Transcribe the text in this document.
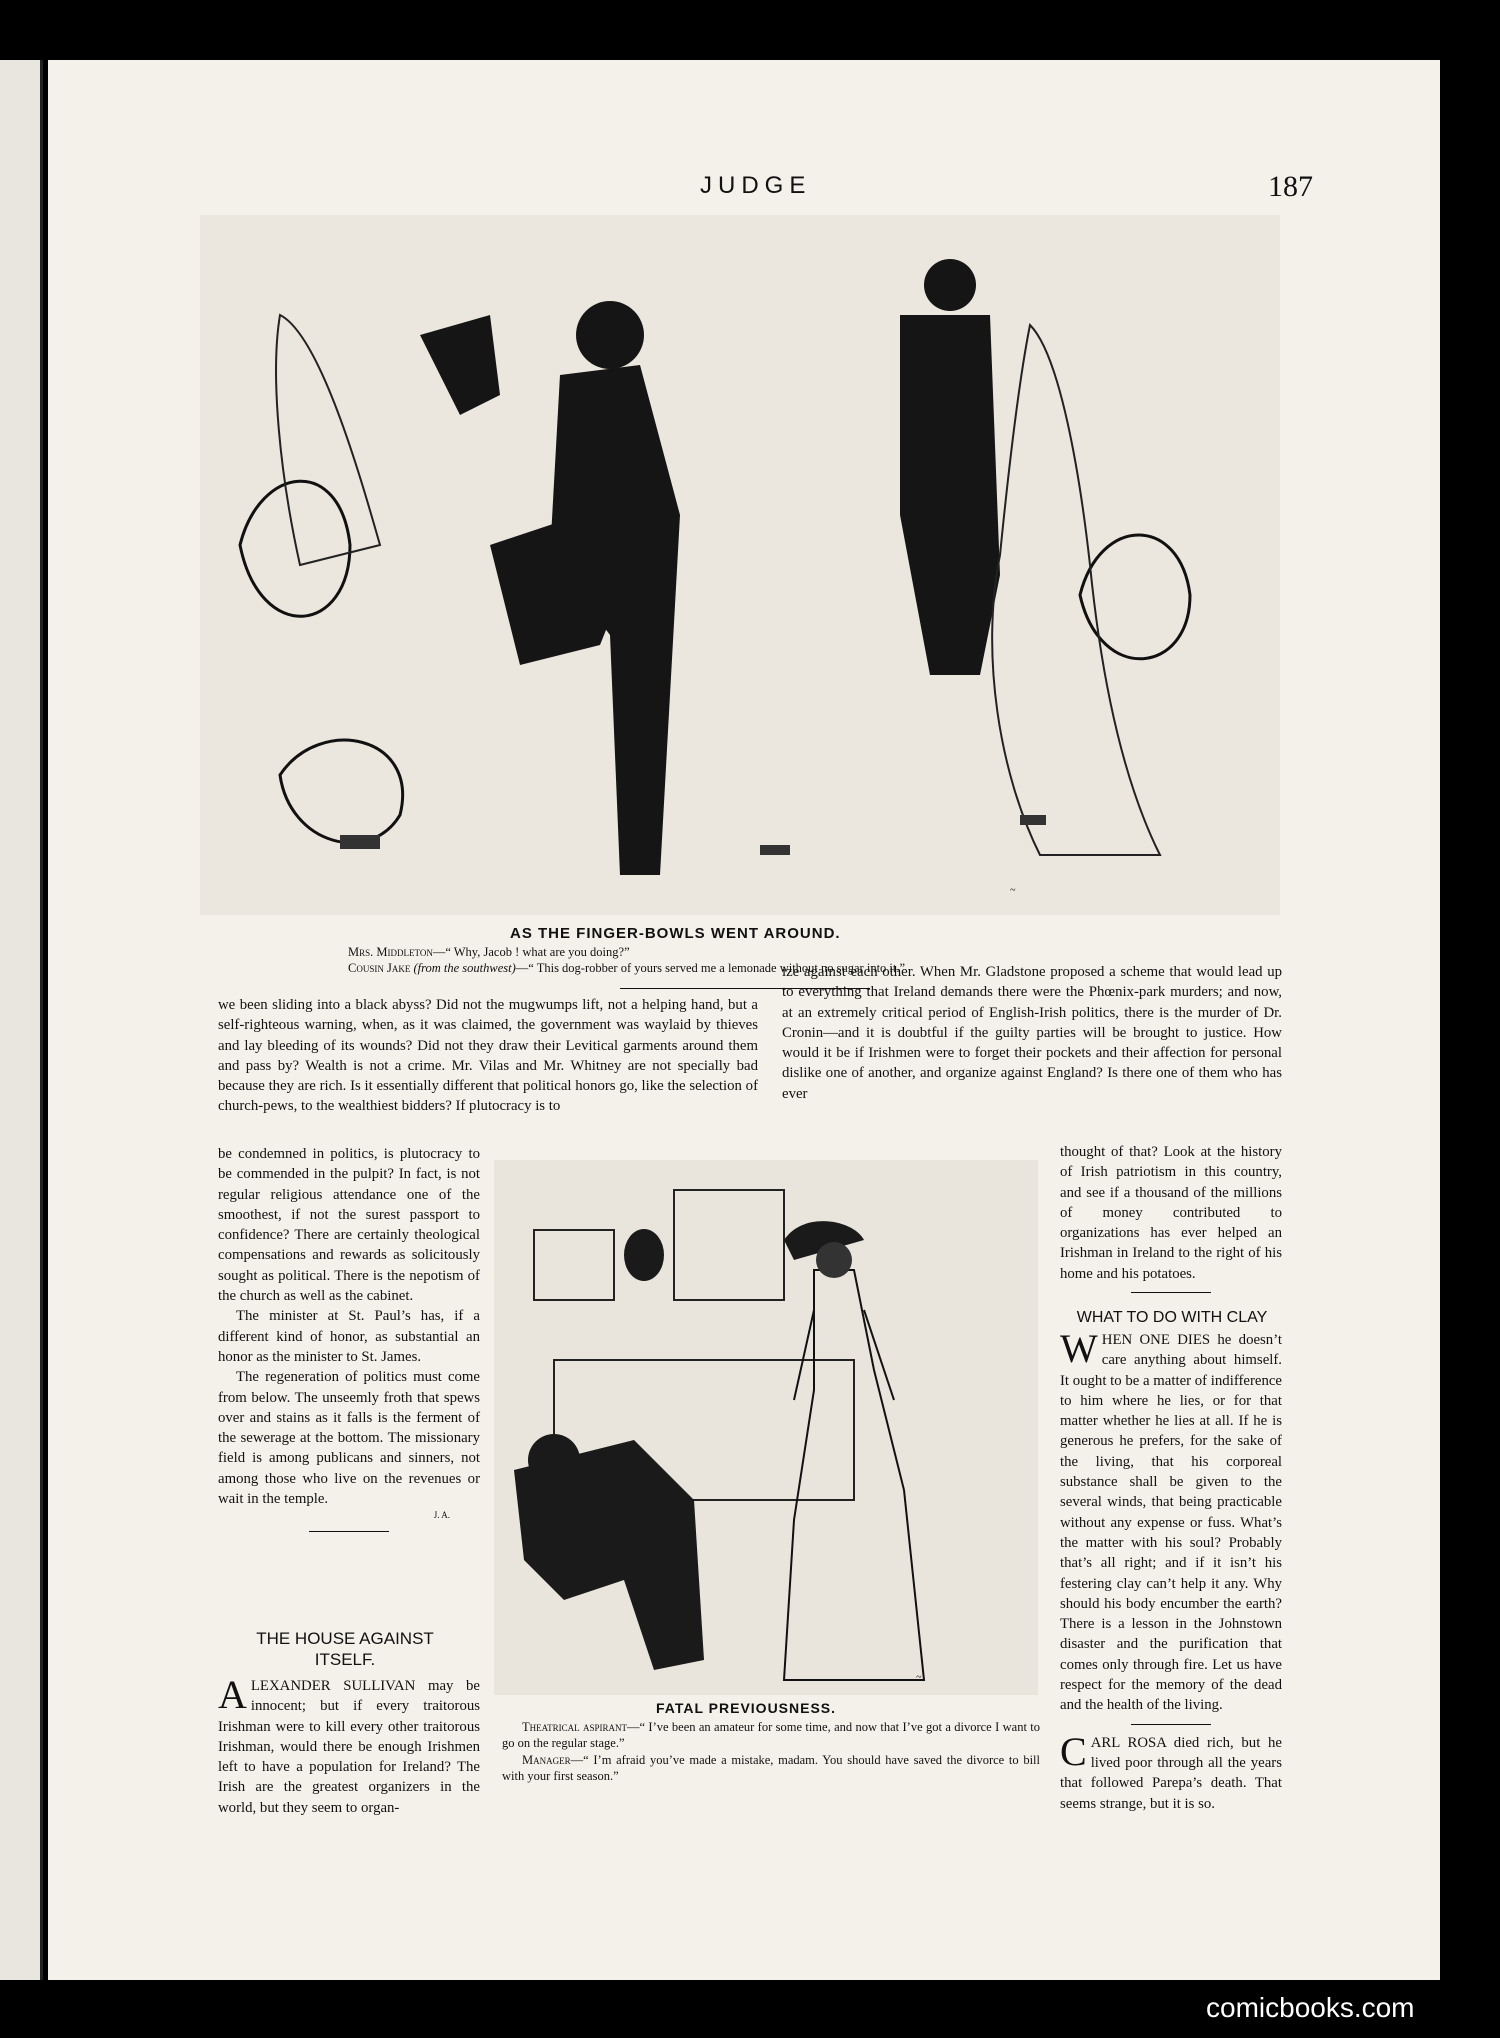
JUDGE	187
~
AS THE FINGER-BOWLS WENT AROUND.
Mrs. Middleton—“ Why, Jacob ! what are you doing?”
Cousin Jake (from the southwest)—“ This dog-robber of yours served me a lemonade without no sugar into it.”

we been sliding into a black abyss? Did not the mugwumps lift, not a helping hand, but a self-righteous warning, when, as it was claimed, the government was waylaid by thieves and lay bleeding of its wounds? Did not they draw their Levitical garments around them and pass by? Wealth is not a crime. Mr. Vilas and Mr. Whitney are not specially bad because they are rich. Is it essentially different that political honors go, like the selection of church-pews, to the wealthiest bidders? If plutocracy is to

be condemned in politics, is plutocracy to be commended in the pulpit? In fact, is not regular religious attendance one of the smoothest, if not the surest passport to confidence? There are certainly theological compensations and rewards as solicitously sought as political. There is the nepotism of the church as well as the cabinet.

The minister at St. Paul’s has, if a different kind of honor, as substantial an honor as the minister to St. James.

The regeneration of politics must come from below. The unseemly froth that spews over and stains as it falls is the ferment of the sewerage at the bottom. The missionary field is among publicans and sinners, not among those who live on the revenues or wait in the temple.

J. A.
THE HOUSE AGAINST ITSELF.

ALEXANDER SULLIVAN may be innocent; but if every traitorous Irishman were to kill every other traitorous Irishman, would there be enough Irishmen left to have a population for Ireland? The Irish are the greatest organizers in the world, but they seem to organ-

ize against each other. When Mr. Gladstone proposed a scheme that would lead up to everything that Ireland demands there were the Phœnix-park murders; and now, at an extremely critical period of English-Irish politics, there is the murder of Dr. Cronin—and it is doubtful if the guilty parties will be brought to justice. How would it be if Irishmen were to forget their pockets and their affection for personal dislike one of another, and organize against England? Is there one of them who has ever

~
FATAL PREVIOUSNESS.
Theatrical aspirant—“ I’ve been an amateur for some time, and now that I’ve got a divorce I want to go on the regular stage.”
Manager—“ I’m afraid you’ve made a mistake, madam. You should have saved the divorce to bill with your first season.”

thought of that? Look at the history of Irish patriotism in this country, and see if a thousand of the millions of money contributed to organizations has ever helped an Irishman in Ireland to the right of his home and his potatoes.

WHAT TO DO WITH CLAY

WHEN ONE DIES he doesn’t care anything about himself. It ought to be a matter of indifference to him where he lies, or for that matter whether he lies at all. If he is generous he prefers, for the sake of the living, that his corporeal substance shall be given to the several winds, that being practicable without any expense or fuss. What’s the matter with his soul? Probably that’s all right; and if it isn’t his festering clay can’t help it any. Why should his body encumber the earth? There is a lesson in the Johnstown disaster and the purification that comes only through fire. Let us have respect for the memory of the dead and the health of the living.

CARL ROSA died rich, but he lived poor through all the years that followed Parepa’s death. That seems strange, but it is so.

comicbooks.com
